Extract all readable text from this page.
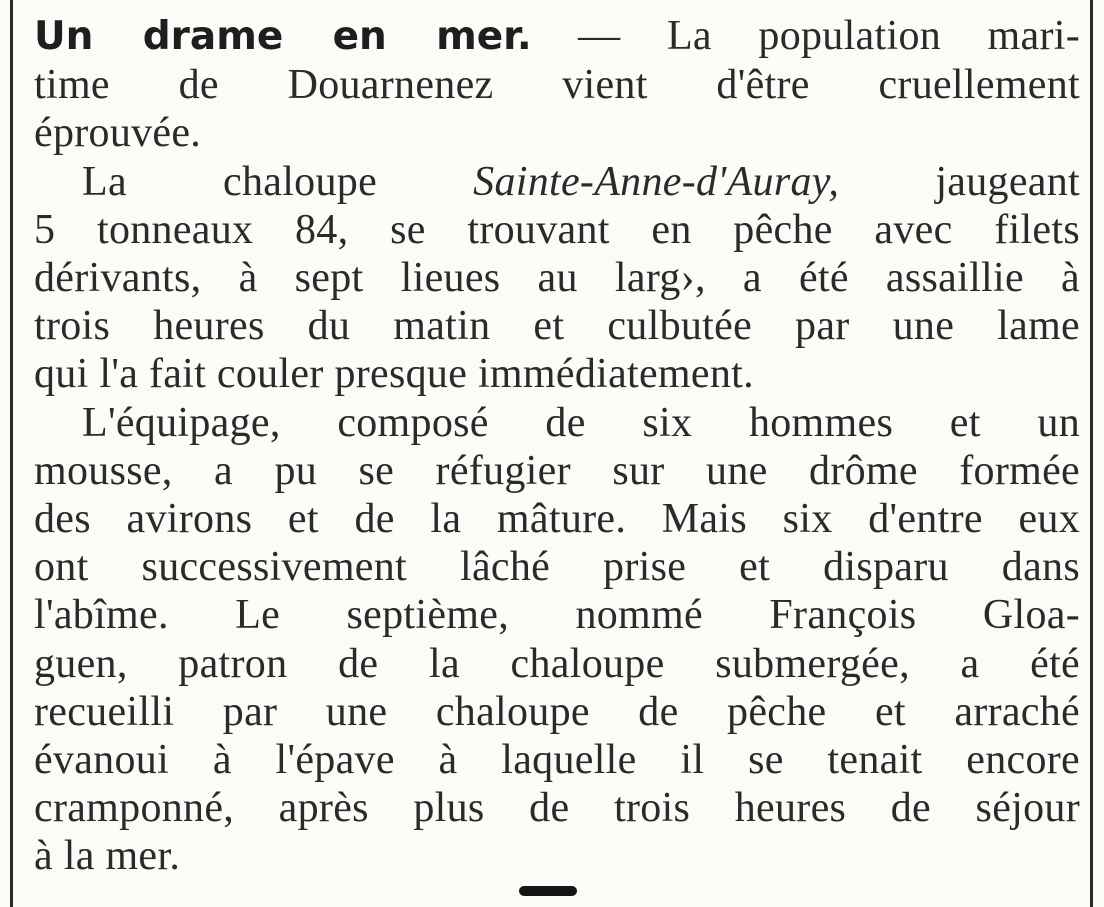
Un drame en mer. — La population mari-
time de Douarnenez vient d'être cruellement
éprouvée.
La chaloupe Sainte-Anne-d'Auray, jaugeant
5 tonneaux 84, se trouvant en pêche avec filets
dérivants, à sept lieues au larg›, a été assaillie à
trois heures du matin et culbutée par une lame
qui l'a fait couler presque immédiatement.
L'équipage, composé de six hommes et un
mousse, a pu se réfugier sur une drôme formée
des avirons et de la mâture. Mais six d'entre eux
ont successivement lâché prise et disparu dans
l'abîme. Le septième, nommé François Gloa-
guen, patron de la chaloupe submergée, a été
recueilli par une chaloupe de pêche et arraché
évanoui à l'épave à laquelle il se tenait encore
cramponné, après plus de trois heures de séjour
à la mer.
